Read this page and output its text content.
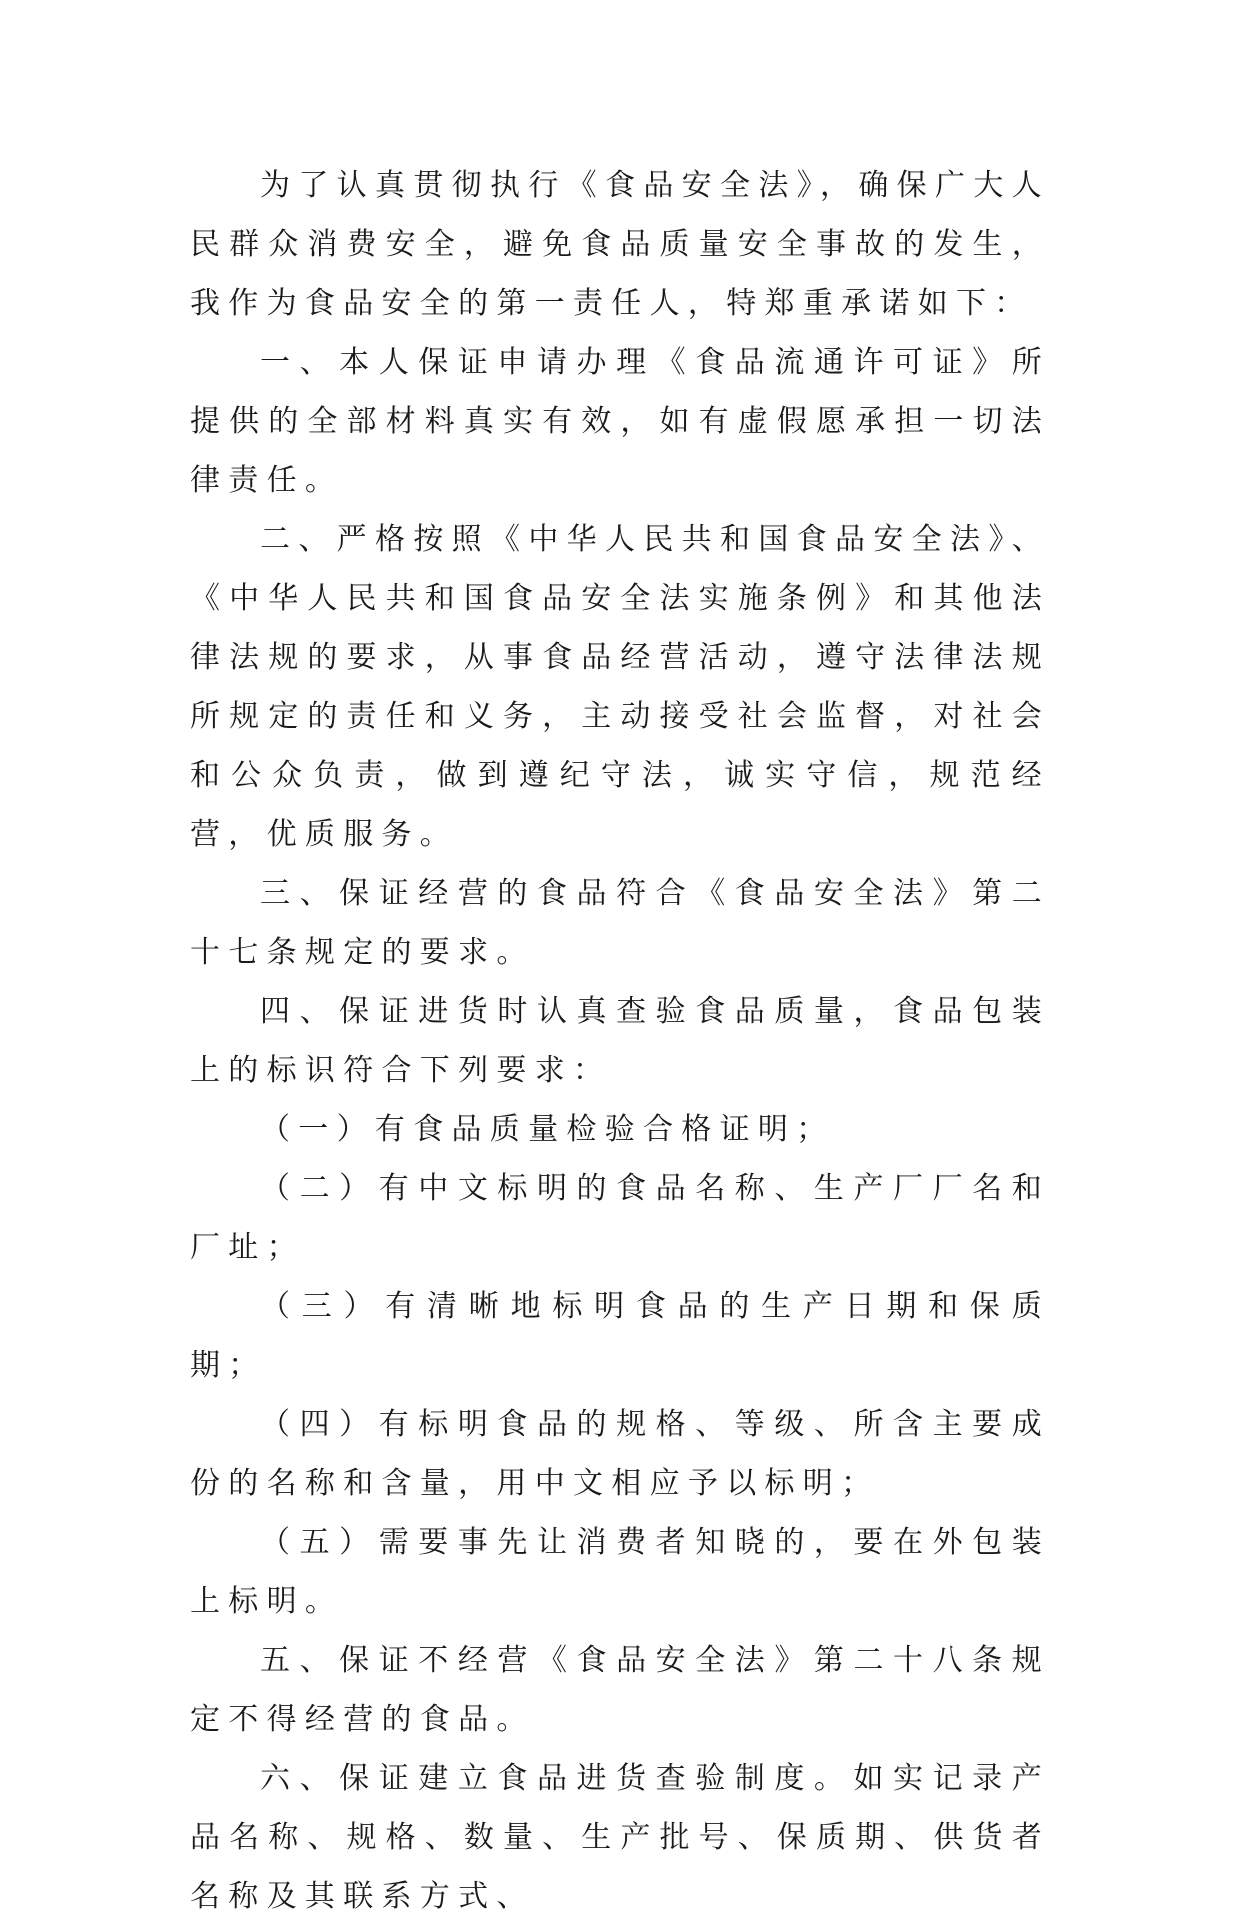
为了认真贯彻执行《食品安全法》，确保广大人民群众消费安全，避免食品质量安全事故的发生，我作为食品安全的第一责任人，特郑重承诺如下：

一、本人保证申请办理《食品流通许可证》所提供的全部材料真实有效，如有虚假愿承担一切法律责任。

二、严格按照《中华人民共和国食品安全法》、《中华人民共和国食品安全法实施条例》和其他法律法规的要求，从事食品经营活动，遵守法律法规所规定的责任和义务，主动接受社会监督，对社会和公众负责，做到遵纪守法，诚实守信，规范经营，优质服务。

三、保证经营的食品符合《食品安全法》第二十七条规定的要求。

四、保证进货时认真查验食品质量，食品包装上的标识符合下列要求：

（一）有食品质量检验合格证明；

（二）有中文标明的食品名称、生产厂厂名和厂址；

（三）有清晰地标明食品的生产日期和保质期；

（四）有标明食品的规格、等级、所含主要成份的名称和含量，用中文相应予以标明；

（五）需要事先让消费者知晓的，要在外包装上标明。

五、保证不经营《食品安全法》第二十八条规定不得经营的食品。

六、保证建立食品进货查验制度。如实记录产品名称、规格、数量、生产批号、保质期、供货者名称及其联系方式、
